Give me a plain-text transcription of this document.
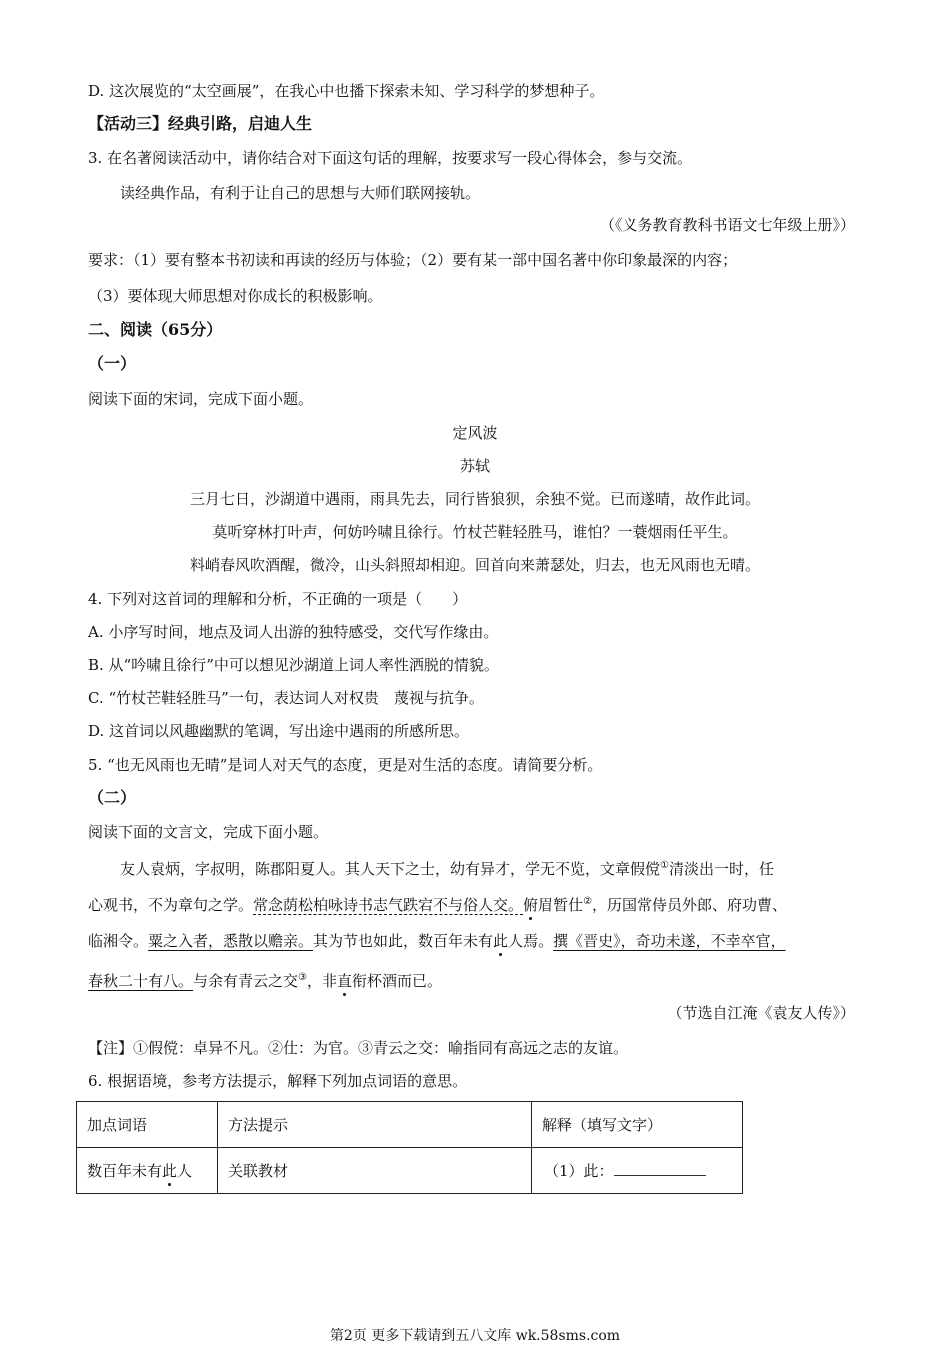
D. 这次展览的“太空画展”，在我心中也播下探索未知、学习科学的梦想种子。
【活动三】经典引路，启迪人生
3. 在名著阅读活动中，请你结合对下面这句话的理解，按要求写一段心得体会，参与交流。
读经典作品，有利于让自己的思想与大师们联网接轨。
（《义务教育教科书语文七年级上册》）
要求：（1）要有整本书初读和再读的经历与体验；（2）要有某一部中国名著中你印象最深的内容；
（3）要体现大师思想对你成长的积极影响。
二、阅读（65分）
（一）
阅读下面的宋词，完成下面小题。
定风波
苏轼
三月七日，沙湖道中遇雨，雨具先去，同行皆狼狈，余独不觉。已而遂晴，故作此词。
莫听穿林打叶声，何妨吟啸且徐行。竹杖芒鞋轻胜马，谁怕？一蓑烟雨任平生。
料峭春风吹酒醒，微冷，山头斜照却相迎。回首向来萧瑟处，归去，也无风雨也无晴。
4. 下列对这首词的理解和分析，不正确的一项是（　　）
A. 小序写时间，地点及词人出游的独特感受，交代写作缘由。
B. 从“吟啸且徐行”中可以想见沙湖道上词人率性洒脱的情貌。
C. “竹杖芒鞋轻胜马”一句，表达词人对权贵　蔑视与抗争。
D. 这首词以风趣幽默的笔调，写出途中遇雨的所感所思。
5. “也无风雨也无晴”是词人对天气的态度，更是对生活的态度。请简要分析。
（二）
阅读下面的文言文，完成下面小题。
友人袁炳，字叔明，陈郡阳夏人。其人天下之士，幼有异才，学无不览，文章假傥①清淡出一时，任
心观书，不为章句之学。常念荫松柏咏诗书志气跌宕不与俗人交。俯眉暂仕②，历国常侍员外郎、府功曹、
临湘令。粟之入者，悉散以赡亲。其为节也如此，数百年未有此人焉。撰《晋史》，奇功未遂，不幸卒官，
春秋二十有八。与余有青云之交③，非直衔杯酒而已。
（节选自江淹《袁友人传》）
【注】①假傥：卓异不凡。②仕：为官。③青云之交：喻指同有高远之志的友谊。
6. 根据语境，参考方法提示，解释下列加点词语的意思。
加点词语	方法提示	解释（填写文字）
数百年未有此人	关联教材	（1）此：
第2页 更多下载请到五八文库 wk.58sms.com
